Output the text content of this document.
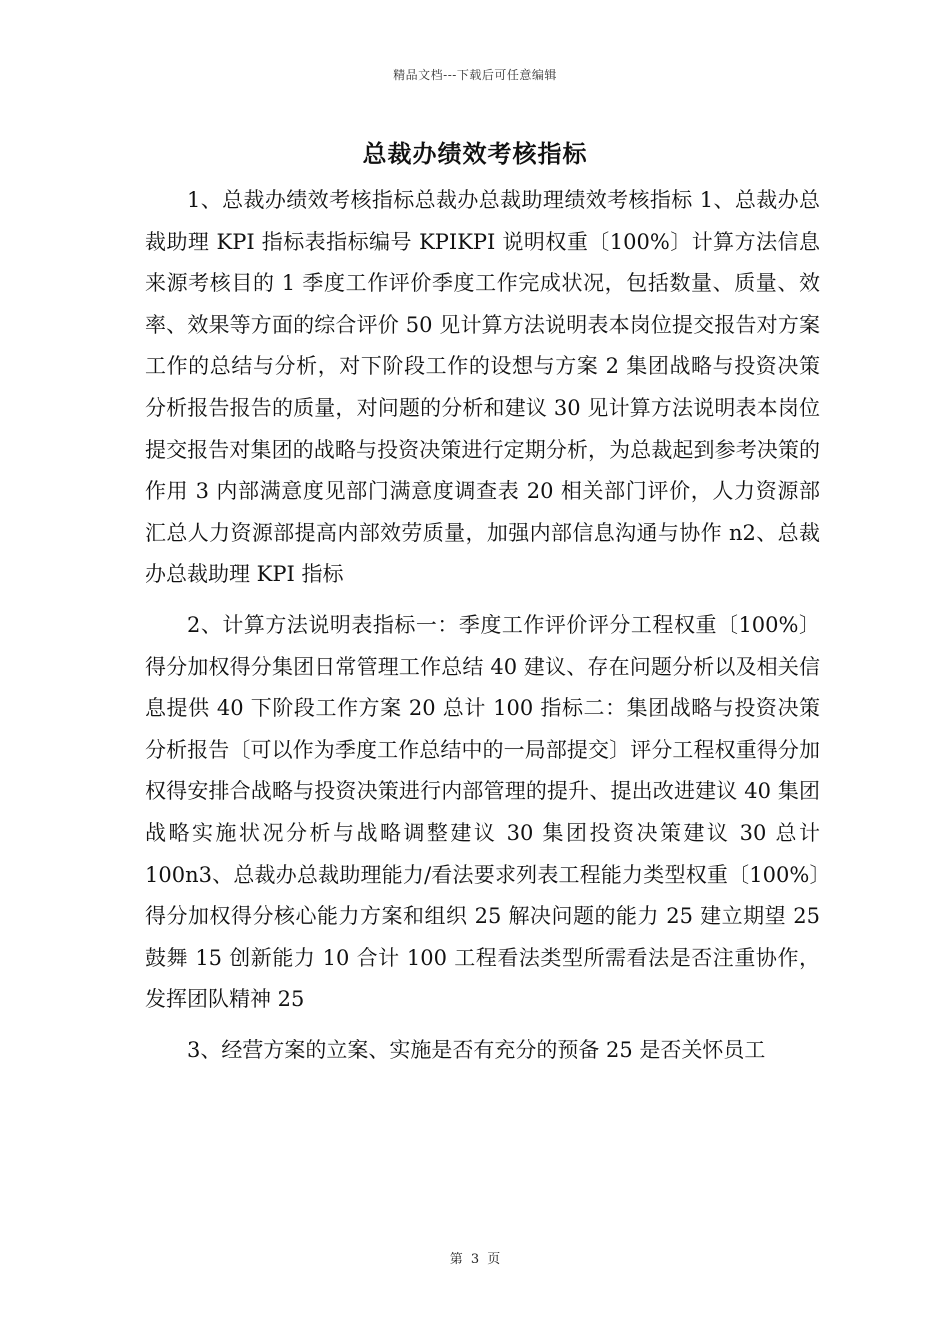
精品文档---下载后可任意编辑
总裁办绩效考核指标

1、总裁办绩效考核指标总裁办总裁助理绩效考核指标 1、总裁办总裁助理 KPI 指标表指标编号 KPIKPI 说明权重〔100%〕计算方法信息来源考核目的 1 季度工作评价季度工作完成状况，包括数量、质量、效率、效果等方面的综合评价 50 见计算方法说明表本岗位提交报告对方案工作的总结与分析，对下阶段工作的设想与方案 2 集团战略与投资决策分析报告报告的质量，对问题的分析和建议 30 见计算方法说明表本岗位提交报告对集团的战略与投资决策进行定期分析，为总裁起到参考决策的作用 3 内部满意度见部门满意度调查表 20 相关部门评价，人力资源部汇总人力资源部提高内部效劳质量，加强内部信息沟通与协作 n2、总裁办总裁助理 KPI 指标

2、计算方法说明表指标一：季度工作评价评分工程权重〔100%〕得分加权得分集团日常管理工作总结 40 建议、存在问题分析以及相关信息提供 40 下阶段工作方案 20 总计 100 指标二：集团战略与投资决策分析报告〔可以作为季度工作总结中的一局部提交〕评分工程权重得分加权得安排合战略与投资决策进行内部管理的提升、提出改进建议 40 集团战略实施状况分析与战略调整建议 30 集团投资决策建议 30 总计 100n3、总裁办总裁助理能力/看法要求列表工程能力类型权重〔100%〕得分加权得分核心能力方案和组织 25 解决问题的能力 25 建立期望 25 鼓舞 15 创新能力 10 合计 100 工程看法类型所需看法是否注重协作，发挥团队精神 25

3、经营方案的立案、实施是否有充分的预备 25 是否关怀员工

第 3 页
